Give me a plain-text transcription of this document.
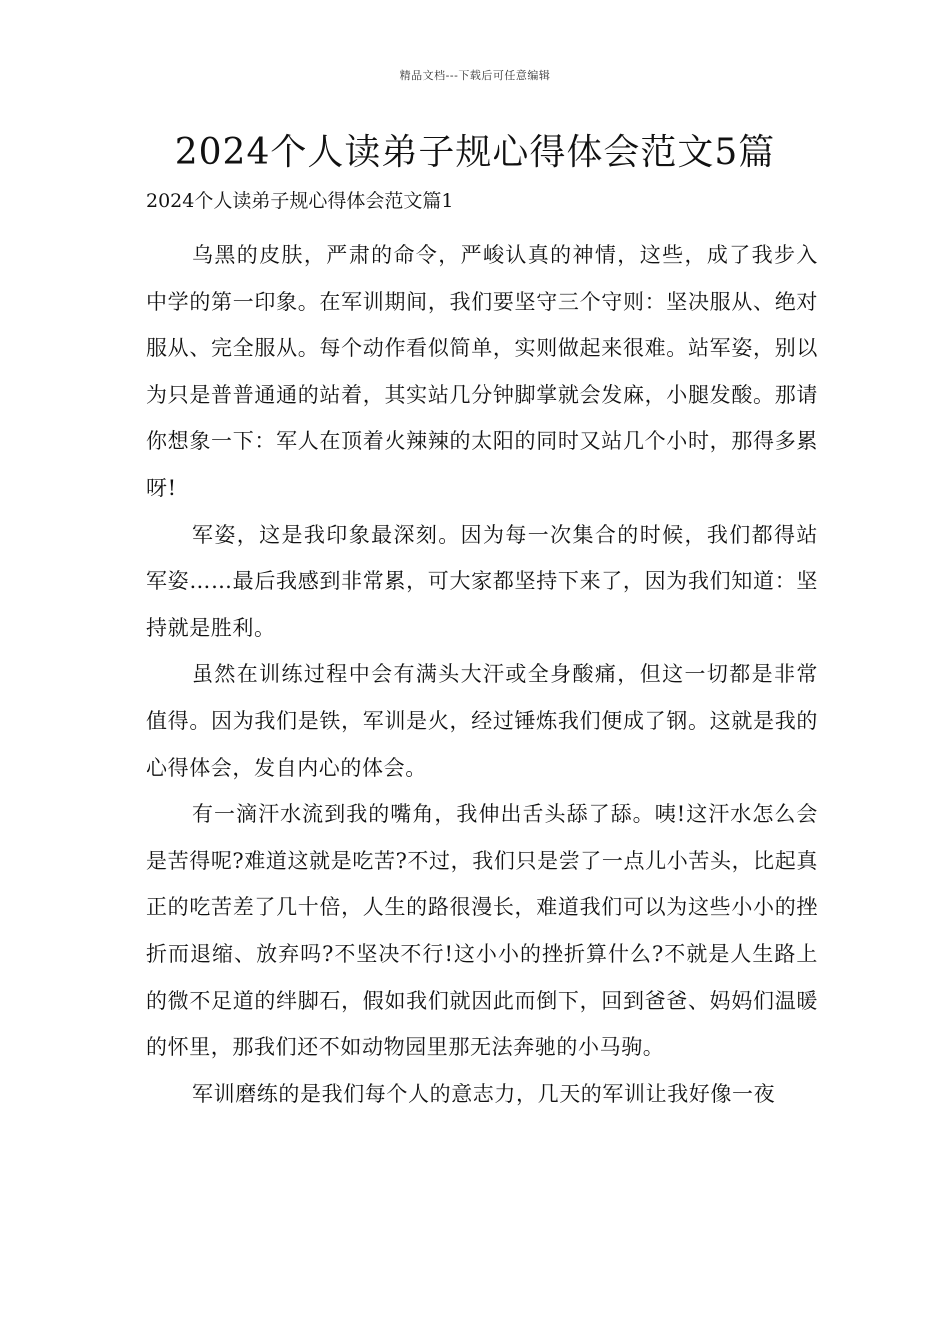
精品文档---下载后可任意编辑
2024个人读弟子规心得体会范文5篇

2024个人读弟子规心得体会范文篇1

乌黑的皮肤，严肃的命令，严峻认真的神情，这些，成了我步入中学的第一印象。在军训期间，我们要坚守三个守则：坚决服从、绝对服从、完全服从。每个动作看似简单，实则做起来很难。站军姿，别以为只是普普通通的站着，其实站几分钟脚掌就会发麻，小腿发酸。那请你想象一下：军人在顶着火辣辣的太阳的同时又站几个小时，那得多累呀!

军姿，这是我印象最深刻。因为每一次集合的时候，我们都得站军姿……最后我感到非常累，可大家都坚持下来了，因为我们知道：坚持就是胜利。

虽然在训练过程中会有满头大汗或全身酸痛，但这一切都是非常值得。因为我们是铁，军训是火，经过锤炼我们便成了钢。这就是我的心得体会，发自内心的体会。

有一滴汗水流到我的嘴角，我伸出舌头舔了舔。咦!这汗水怎么会是苦得呢?难道这就是吃苦?不过，我们只是尝了一点儿小苦头，比起真正的吃苦差了几十倍，人生的路很漫长，难道我们可以为这些小小的挫折而退缩、放弃吗?不坚决不行!这小小的挫折算什么?不就是人生路上的微不足道的绊脚石，假如我们就因此而倒下，回到爸爸、妈妈们温暖的怀里，那我们还不如动物园里那无法奔驰的小马驹。

军训磨练的是我们每个人的意志力，几天的军训让我好像一夜
